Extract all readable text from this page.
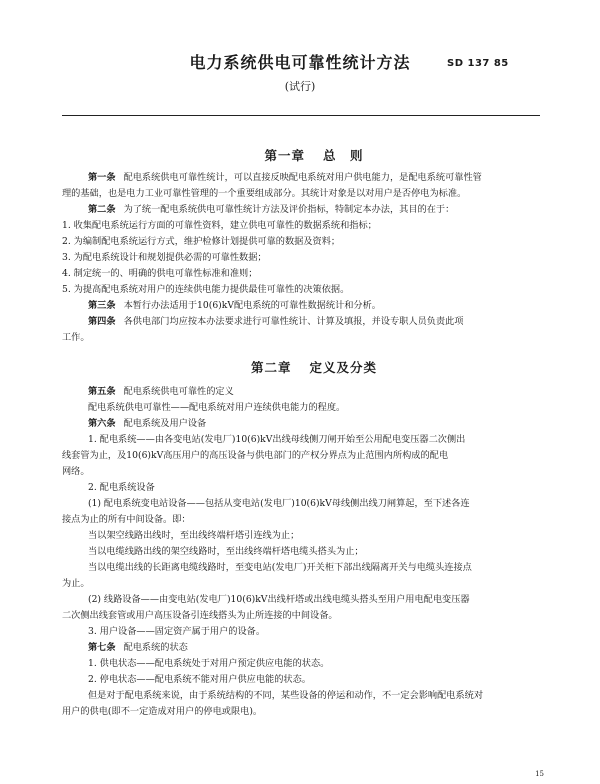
电力系统供电可靠性统计方法
(试行)
SD 137 85
第一章 总　则

第一条 配电系统供电可靠性统计，可以直接反映配电系统对用户供电能力，是配电系统可靠性管

理的基础，也是电力工业可靠性管理的一个重要组成部分。其统计对象是以对用户是否停电为标准。

第二条 为了统一配电系统供电可靠性统计方法及评价指标，特制定本办法，其目的在于：

1. 收集配电系统运行方面的可靠性资料，建立供电可靠性的数据系统和指标；

2. 为编制配电系统运行方式，维护检修计划提供可靠的数据及资料；

3. 为配电系统设计和规划提供必需的可靠性数据；

4. 制定统一的、明确的供电可靠性标准和准则；

5. 为提高配电系统对用户的连续供电能力提供最佳可靠性的决策依据。

第三条 本暂行办法适用于10(6)kV配电系统的可靠性数据统计和分析。

第四条 各供电部门均应按本办法要求进行可靠性统计、计算及填报，并设专职人员负责此项

工作。

第二章 定义及分类

第五条 配电系统供电可靠性的定义

配电系统供电可靠性——配电系统对用户连续供电能力的程度。

第六条 配电系统及用户设备

1. 配电系统——由各变电站(发电厂)10(6)kV出线母线侧刀闸开始至公用配电变压器二次侧出

线套管为止，及10(6)kV高压用户的高压设备与供电部门的产权分界点为止范围内所构成的配电

网络。

2. 配电系统设备

(1) 配电系统变电站设备——包括从变电站(发电厂)10(6)kV母线侧出线刀闸算起，至下述各连

接点为止的所有中间设备。即：

当以架空线路出线时，至出线终端杆塔引连线为止；

当以电缆线路出线的架空线路时，至出线终端杆塔电缆头搭头为止；

当以电缆出线的长距离电缆线路时，至变电站(发电厂)开关柜下部出线隔离开关与电缆头连接点

为止。

(2) 线路设备——由变电站(发电厂)10(6)kV出线杆塔或出线电缆头搭头至用户用电配电变压器

二次侧出线套管或用户高压设备引连线搭头为止所连接的中间设备。

3. 用户设备——固定资产属于用户的设备。

第七条 配电系统的状态

1. 供电状态——配电系统处于对用户预定供应电能的状态。

2. 停电状态——配电系统不能对用户供应电能的状态。

但是对于配电系统来说，由于系统结构的不同，某些设备的停运和动作，不一定会影响配电系统对

用户的供电(即不一定造成对用户的停电或限电)。

15
